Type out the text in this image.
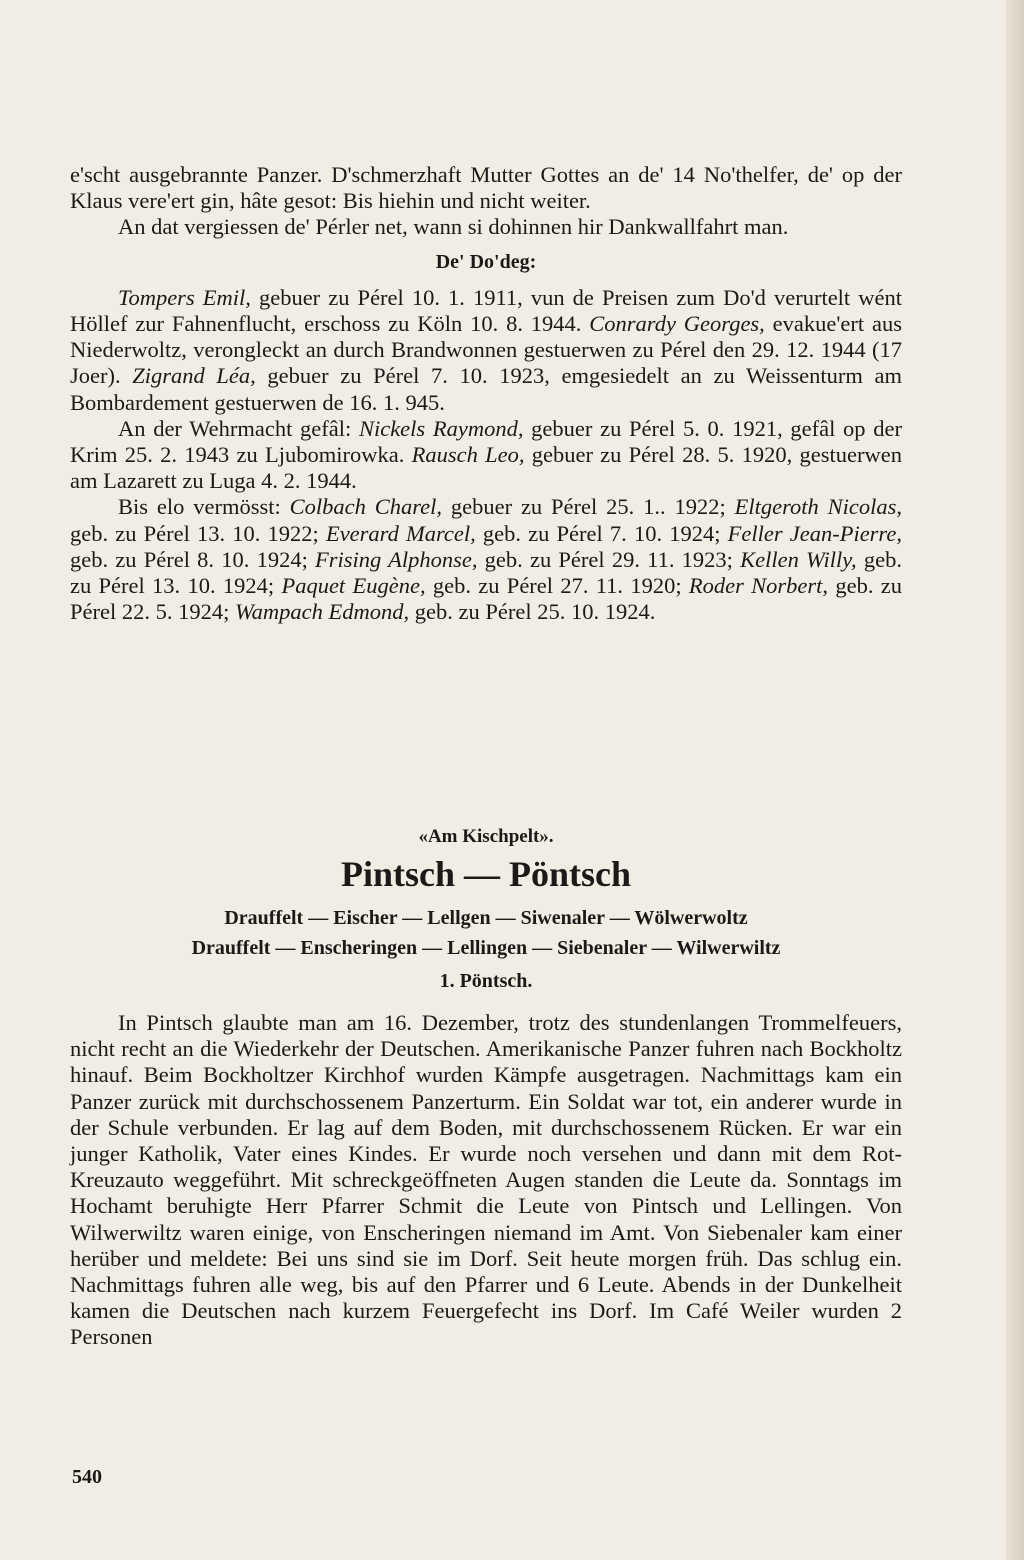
e'scht ausgebrannte Panzer. D'schmerzhaft Mutter Gottes an de' 14 No'thelfer, de' op der Klaus vere'ert gin, hâte gesot: Bis hiehin und nicht weiter.

An dat vergiessen de' Pérler net, wann si dohinnen hir Dankwallfahrt man.

De' Do'deg:

Tompers Emil, gebuer zu Pérel 10. 1. 1911, vun de Preisen zum Do'd verurtelt wént Höllef zur Fahnenflucht, erschoss zu Köln 10. 8. 1944. Conrardy Georges, evakue'ert aus Niederwoltz, verongleckt an durch Brandwonnen gestuerwen zu Pérel den 29. 12. 1944 (17 Joer). Zigrand Léa, gebuer zu Pérel 7. 10. 1923, emgesiedelt an zu Weissenturm am Bombardement gestuerwen de 16. 1. 945.

An der Wehrmacht gefâl: Nickels Raymond, gebuer zu Pérel 5. 0. 1921, gefâl op der Krim 25. 2. 1943 zu Ljubomirowka. Rausch Leo, gebuer zu Pérel 28. 5. 1920, gestuerwen am Lazarett zu Luga 4. 2. 1944.

Bis elo vermösst: Colbach Charel, gebuer zu Pérel 25. 1.. 1922; Eltgeroth Nicolas, geb. zu Pérel 13. 10. 1922; Everard Marcel, geb. zu Pérel 7. 10. 1924; Feller Jean-Pierre, geb. zu Pérel 8. 10. 1924; Frising Alphonse, geb. zu Pérel 29. 11. 1923; Kellen Willy, geb. zu Pérel 13. 10. 1924; Paquet Eugène, geb. zu Pérel 27. 11. 1920; Roder Norbert, geb. zu Pérel 22. 5. 1924; Wampach Edmond, geb. zu Pérel 25. 10. 1924.

«Am Kischpelt».
Pintsch — Pöntsch
Drauffelt — Eischer — Lellgen — Siwenaler — Wölwerwoltz
Drauffelt — Enscheringen — Lellingen — Siebenaler — Wilwerwiltz
1. Pöntsch.

In Pintsch glaubte man am 16. Dezember, trotz des stundenlangen Trommelfeuers, nicht recht an die Wiederkehr der Deutschen. Amerikanische Panzer fuhren nach Bockholtz hinauf. Beim Bockholtzer Kirchhof wurden Kämpfe ausgetragen. Nachmittags kam ein Panzer zurück mit durchschossenem Panzerturm. Ein Soldat war tot, ein anderer wurde in der Schule verbunden. Er lag auf dem Boden, mit durchschossenem Rücken. Er war ein junger Katholik, Vater eines Kindes. Er wurde noch versehen und dann mit dem Rot-Kreuzauto weggeführt. Mit schreckgeöffneten Augen standen die Leute da. Sonntags im Hochamt beruhigte Herr Pfarrer Schmit die Leute von Pintsch und Lellingen. Von Wilwerwiltz waren einige, von Enscheringen niemand im Amt. Von Siebenaler kam einer herüber und meldete: Bei uns sind sie im Dorf. Seit heute morgen früh. Das schlug ein. Nachmittags fuhren alle weg, bis auf den Pfarrer und 6 Leute. Abends in der Dunkelheit kamen die Deutschen nach kurzem Feuergefecht ins Dorf. Im Café Weiler wurden 2 Personen

540
